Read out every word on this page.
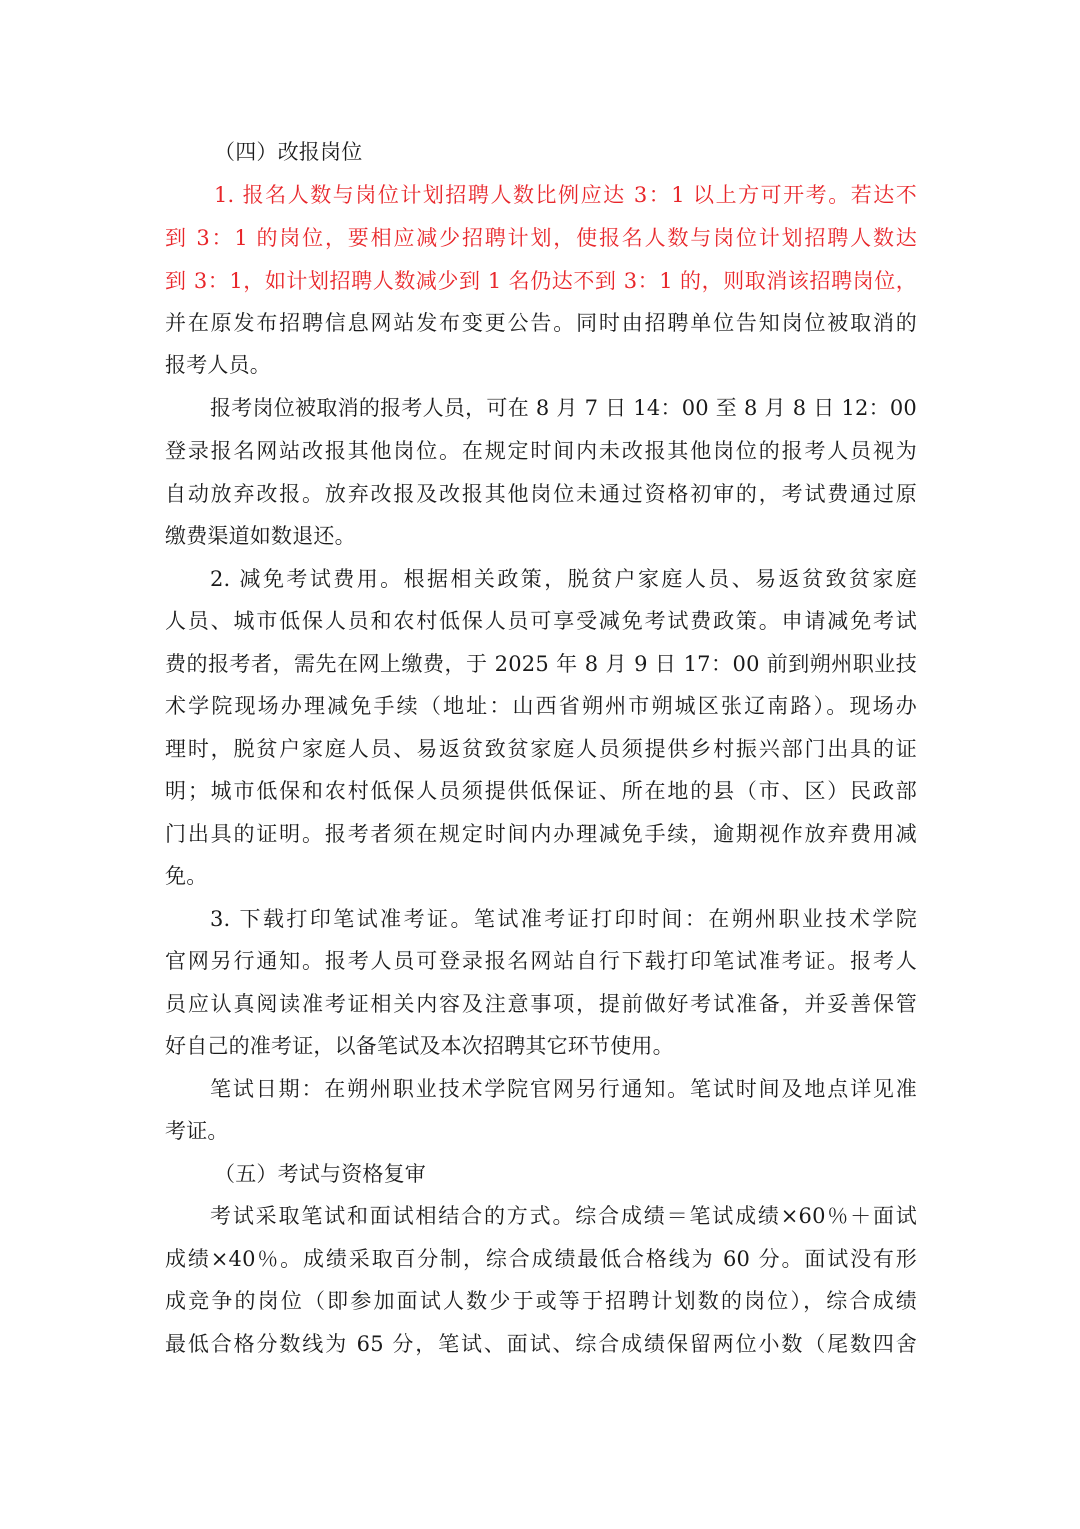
（四）改报岗位
1. 报名人数与岗位计划招聘人数比例应达 3：1 以上方可开考。若达不
到 3：1 的岗位，要相应减少招聘计划，使报名人数与岗位计划招聘人数达
到 3：1，如计划招聘人数减少到 1 名仍达不到 3：1 的，则取消该招聘岗位，
并在原发布招聘信息网站发布变更公告。同时由招聘单位告知岗位被取消的
报考人员。
报考岗位被取消的报考人员，可在 8 月 7 日 14：00 至 8 月 8 日 12：00
登录报名网站改报其他岗位。在规定时间内未改报其他岗位的报考人员视为
自动放弃改报。放弃改报及改报其他岗位未通过资格初审的，考试费通过原
缴费渠道如数退还。
2. 减免考试费用。根据相关政策，脱贫户家庭人员、易返贫致贫家庭
人员、城市低保人员和农村低保人员可享受减免考试费政策。申请减免考试
费的报考者，需先在网上缴费，于 2025 年 8 月 9 日 17：00 前到朔州职业技
术学院现场办理减免手续（地址：山西省朔州市朔城区张辽南路）。现场办
理时，脱贫户家庭人员、易返贫致贫家庭人员须提供乡村振兴部门出具的证
明；城市低保和农村低保人员须提供低保证、所在地的县（市、区）民政部
门出具的证明。报考者须在规定时间内办理减免手续，逾期视作放弃费用减
免。
3. 下载打印笔试准考证。笔试准考证打印时间：在朔州职业技术学院
官网另行通知。报考人员可登录报名网站自行下载打印笔试准考证。报考人
员应认真阅读准考证相关内容及注意事项，提前做好考试准备，并妥善保管
好自己的准考证，以备笔试及本次招聘其它环节使用。
笔试日期：在朔州职业技术学院官网另行通知。笔试时间及地点详见准
考证。
（五）考试与资格复审
考试采取笔试和面试相结合的方式。综合成绩＝笔试成绩×60％＋面试
成绩×40％。成绩采取百分制，综合成绩最低合格线为 60 分。面试没有形
成竞争的岗位（即参加面试人数少于或等于招聘计划数的岗位），综合成绩
最低合格分数线为 65 分，笔试、面试、综合成绩保留两位小数（尾数四舍
